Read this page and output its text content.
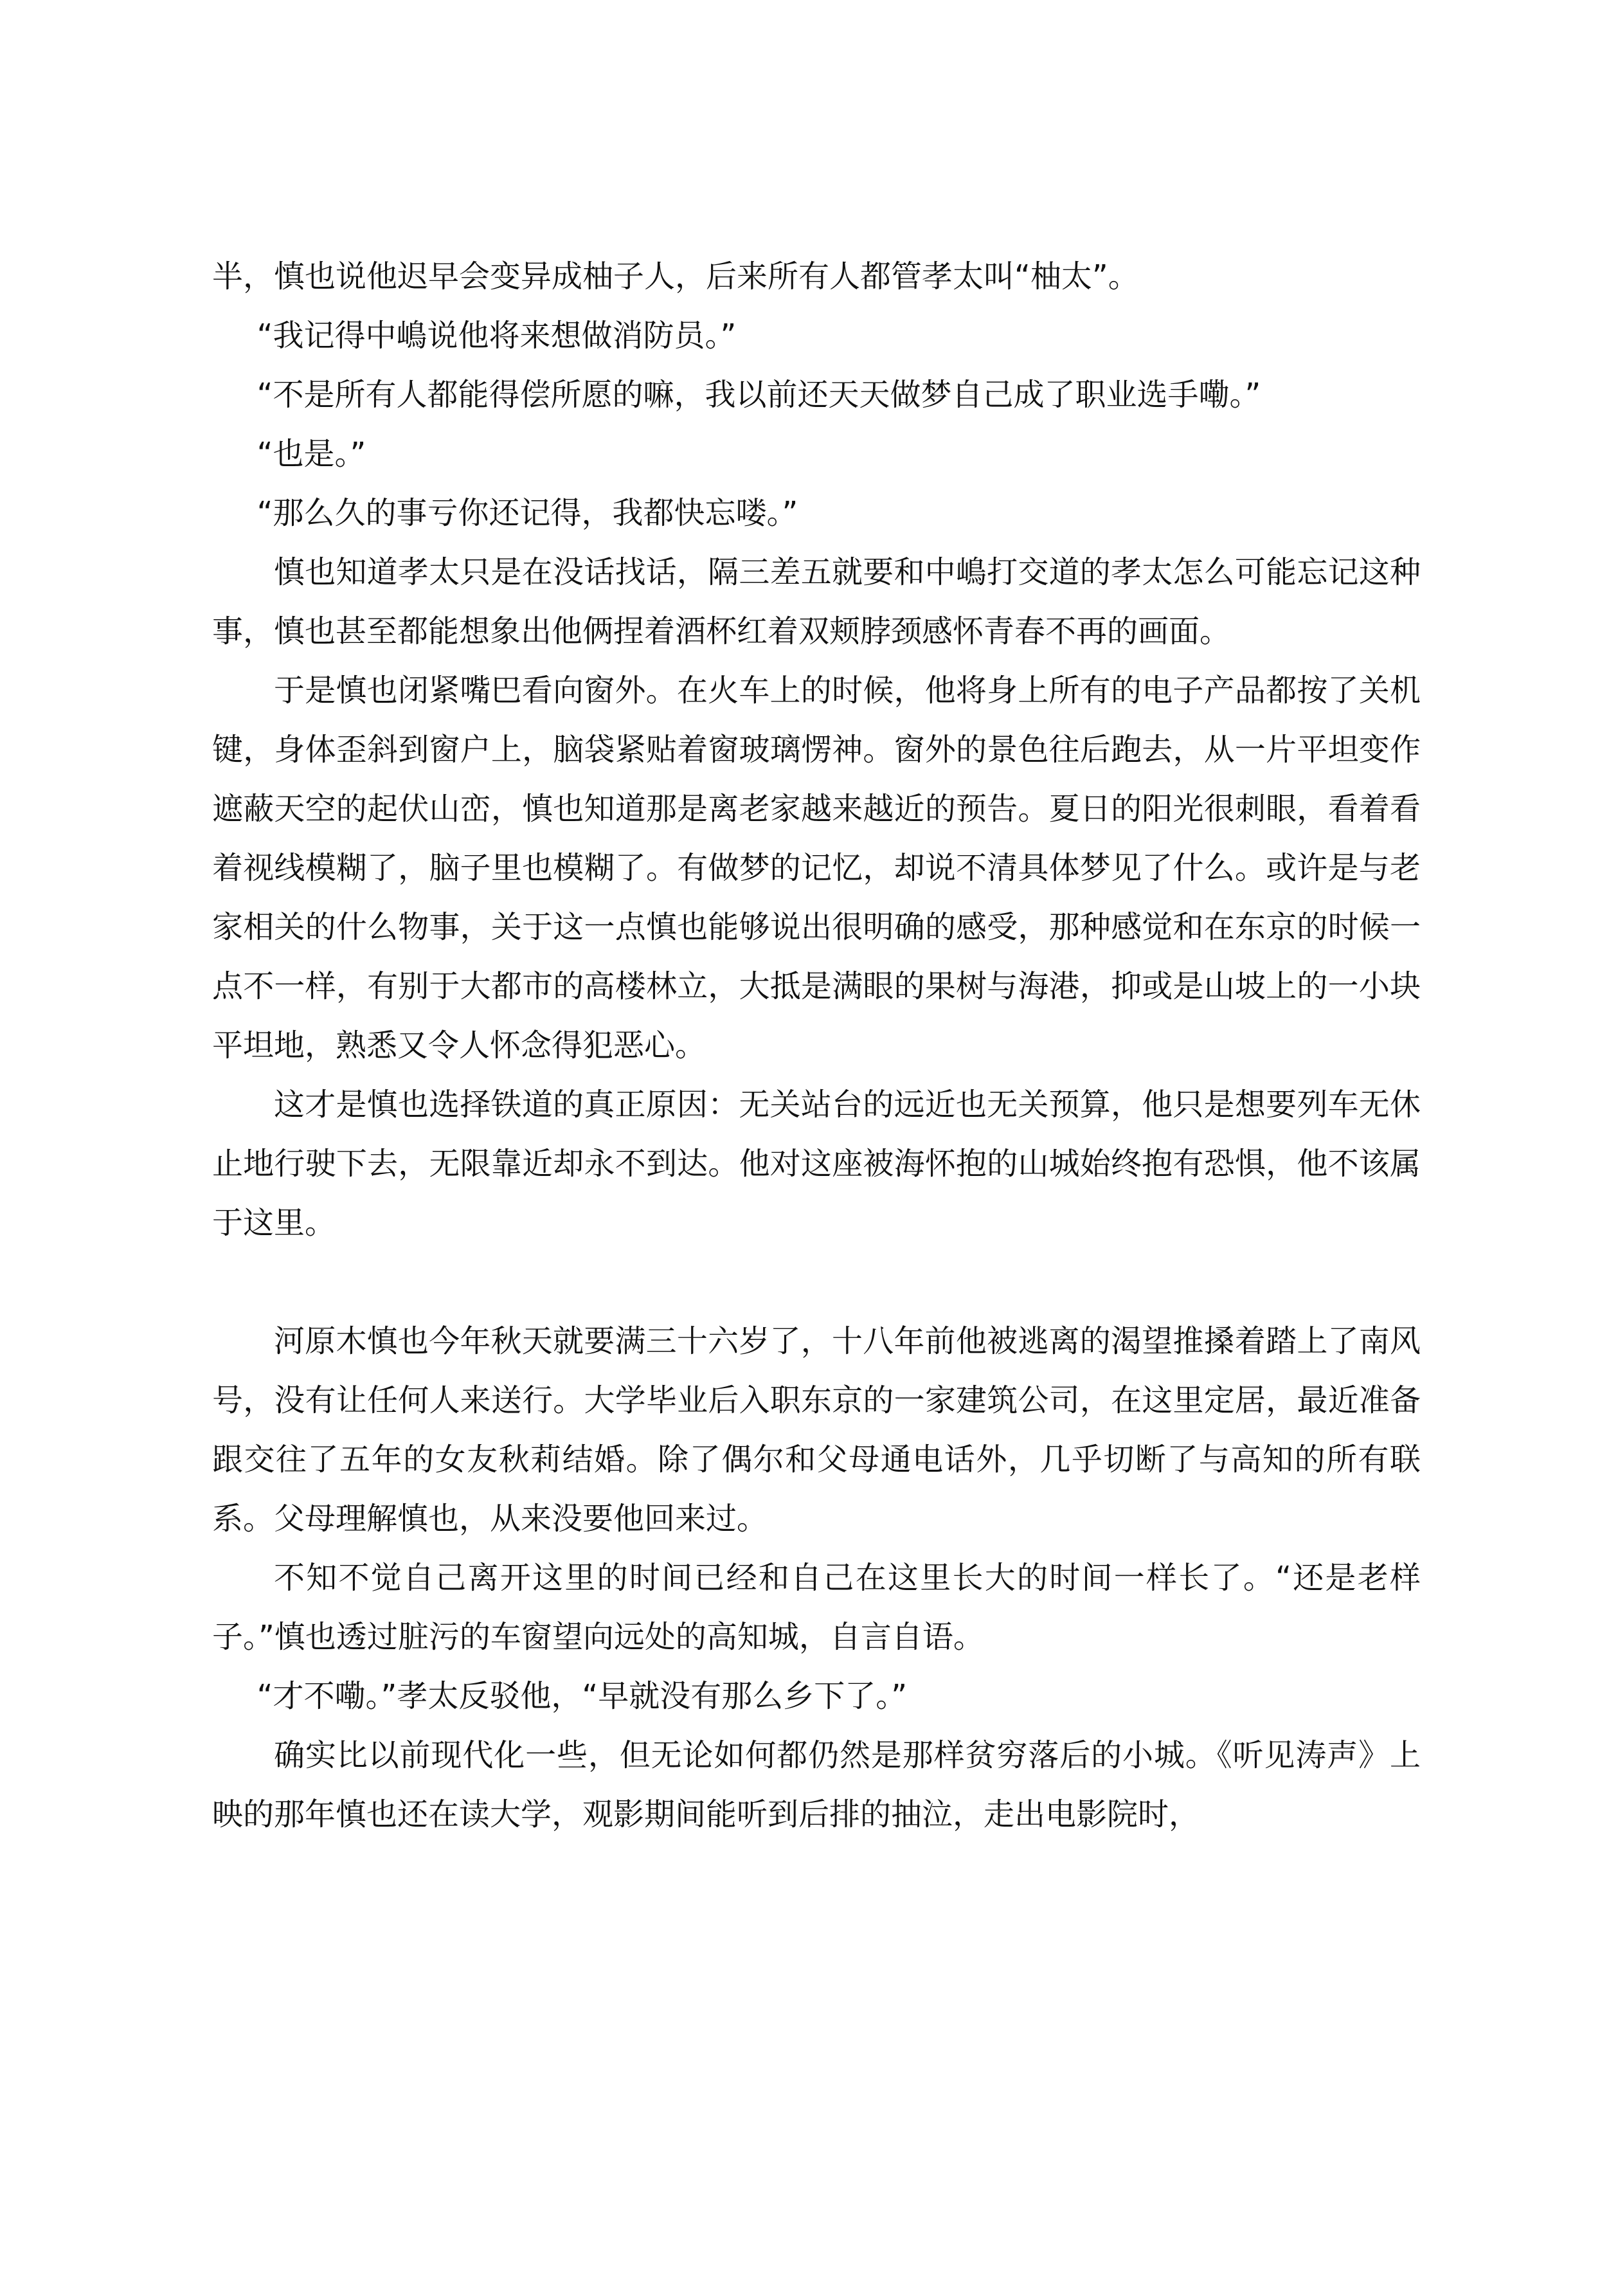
半，慎也说他迟早会变异成柚子人，后来所有人都管孝太叫“柚太”。

“我记得中嶋说他将来想做消防员。”

“不是所有人都能得偿所愿的嘛，我以前还天天做梦自己成了职业选手嘞。”

“也是。”

“那么久的事亏你还记得，我都快忘喽。”

慎也知道孝太只是在没话找话，隔三差五就要和中嶋打交道的孝太怎么可能忘记这种事，慎也甚至都能想象出他俩捏着酒杯红着双颊脖颈感怀青春不再的画面。

于是慎也闭紧嘴巴看向窗外。在火车上的时候，他将身上所有的电子产品都按了关机键，身体歪斜到窗户上，脑袋紧贴着窗玻璃愣神。窗外的景色往后跑去，从一片平坦变作遮蔽天空的起伏山峦，慎也知道那是离老家越来越近的预告。夏日的阳光很刺眼，看着看着视线模糊了，脑子里也模糊了。有做梦的记忆，却说不清具体梦见了什么。或许是与老家相关的什么物事，关于这一点慎也能够说出很明确的感受，那种感觉和在东京的时候一点不一样，有别于大都市的高楼林立，大抵是满眼的果树与海港，抑或是山坡上的一小块平坦地，熟悉又令人怀念得犯恶心。

这才是慎也选择铁道的真正原因：无关站台的远近也无关预算，他只是想要列车无休止地行驶下去，无限靠近却永不到达。他对这座被海怀抱的山城始终抱有恐惧，他不该属于这里。

河原木慎也今年秋天就要满三十六岁了，十八年前他被逃离的渴望推搡着踏上了南风号，没有让任何人来送行。大学毕业后入职东京的一家建筑公司，在这里定居，最近准备跟交往了五年的女友秋莉结婚。除了偶尔和父母通电话外，几乎切断了与高知的所有联系。父母理解慎也，从来没要他回来过。

不知不觉自己离开这里的时间已经和自己在这里长大的时间一样长了。“还是老样子。”慎也透过脏污的车窗望向远处的高知城，自言自语。

“才不嘞。”孝太反驳他，“早就没有那么乡下了。”

确实比以前现代化一些，但无论如何都仍然是那样贫穷落后的小城。《听见涛声》上映的那年慎也还在读大学，观影期间能听到后排的抽泣，走出电影院时，
